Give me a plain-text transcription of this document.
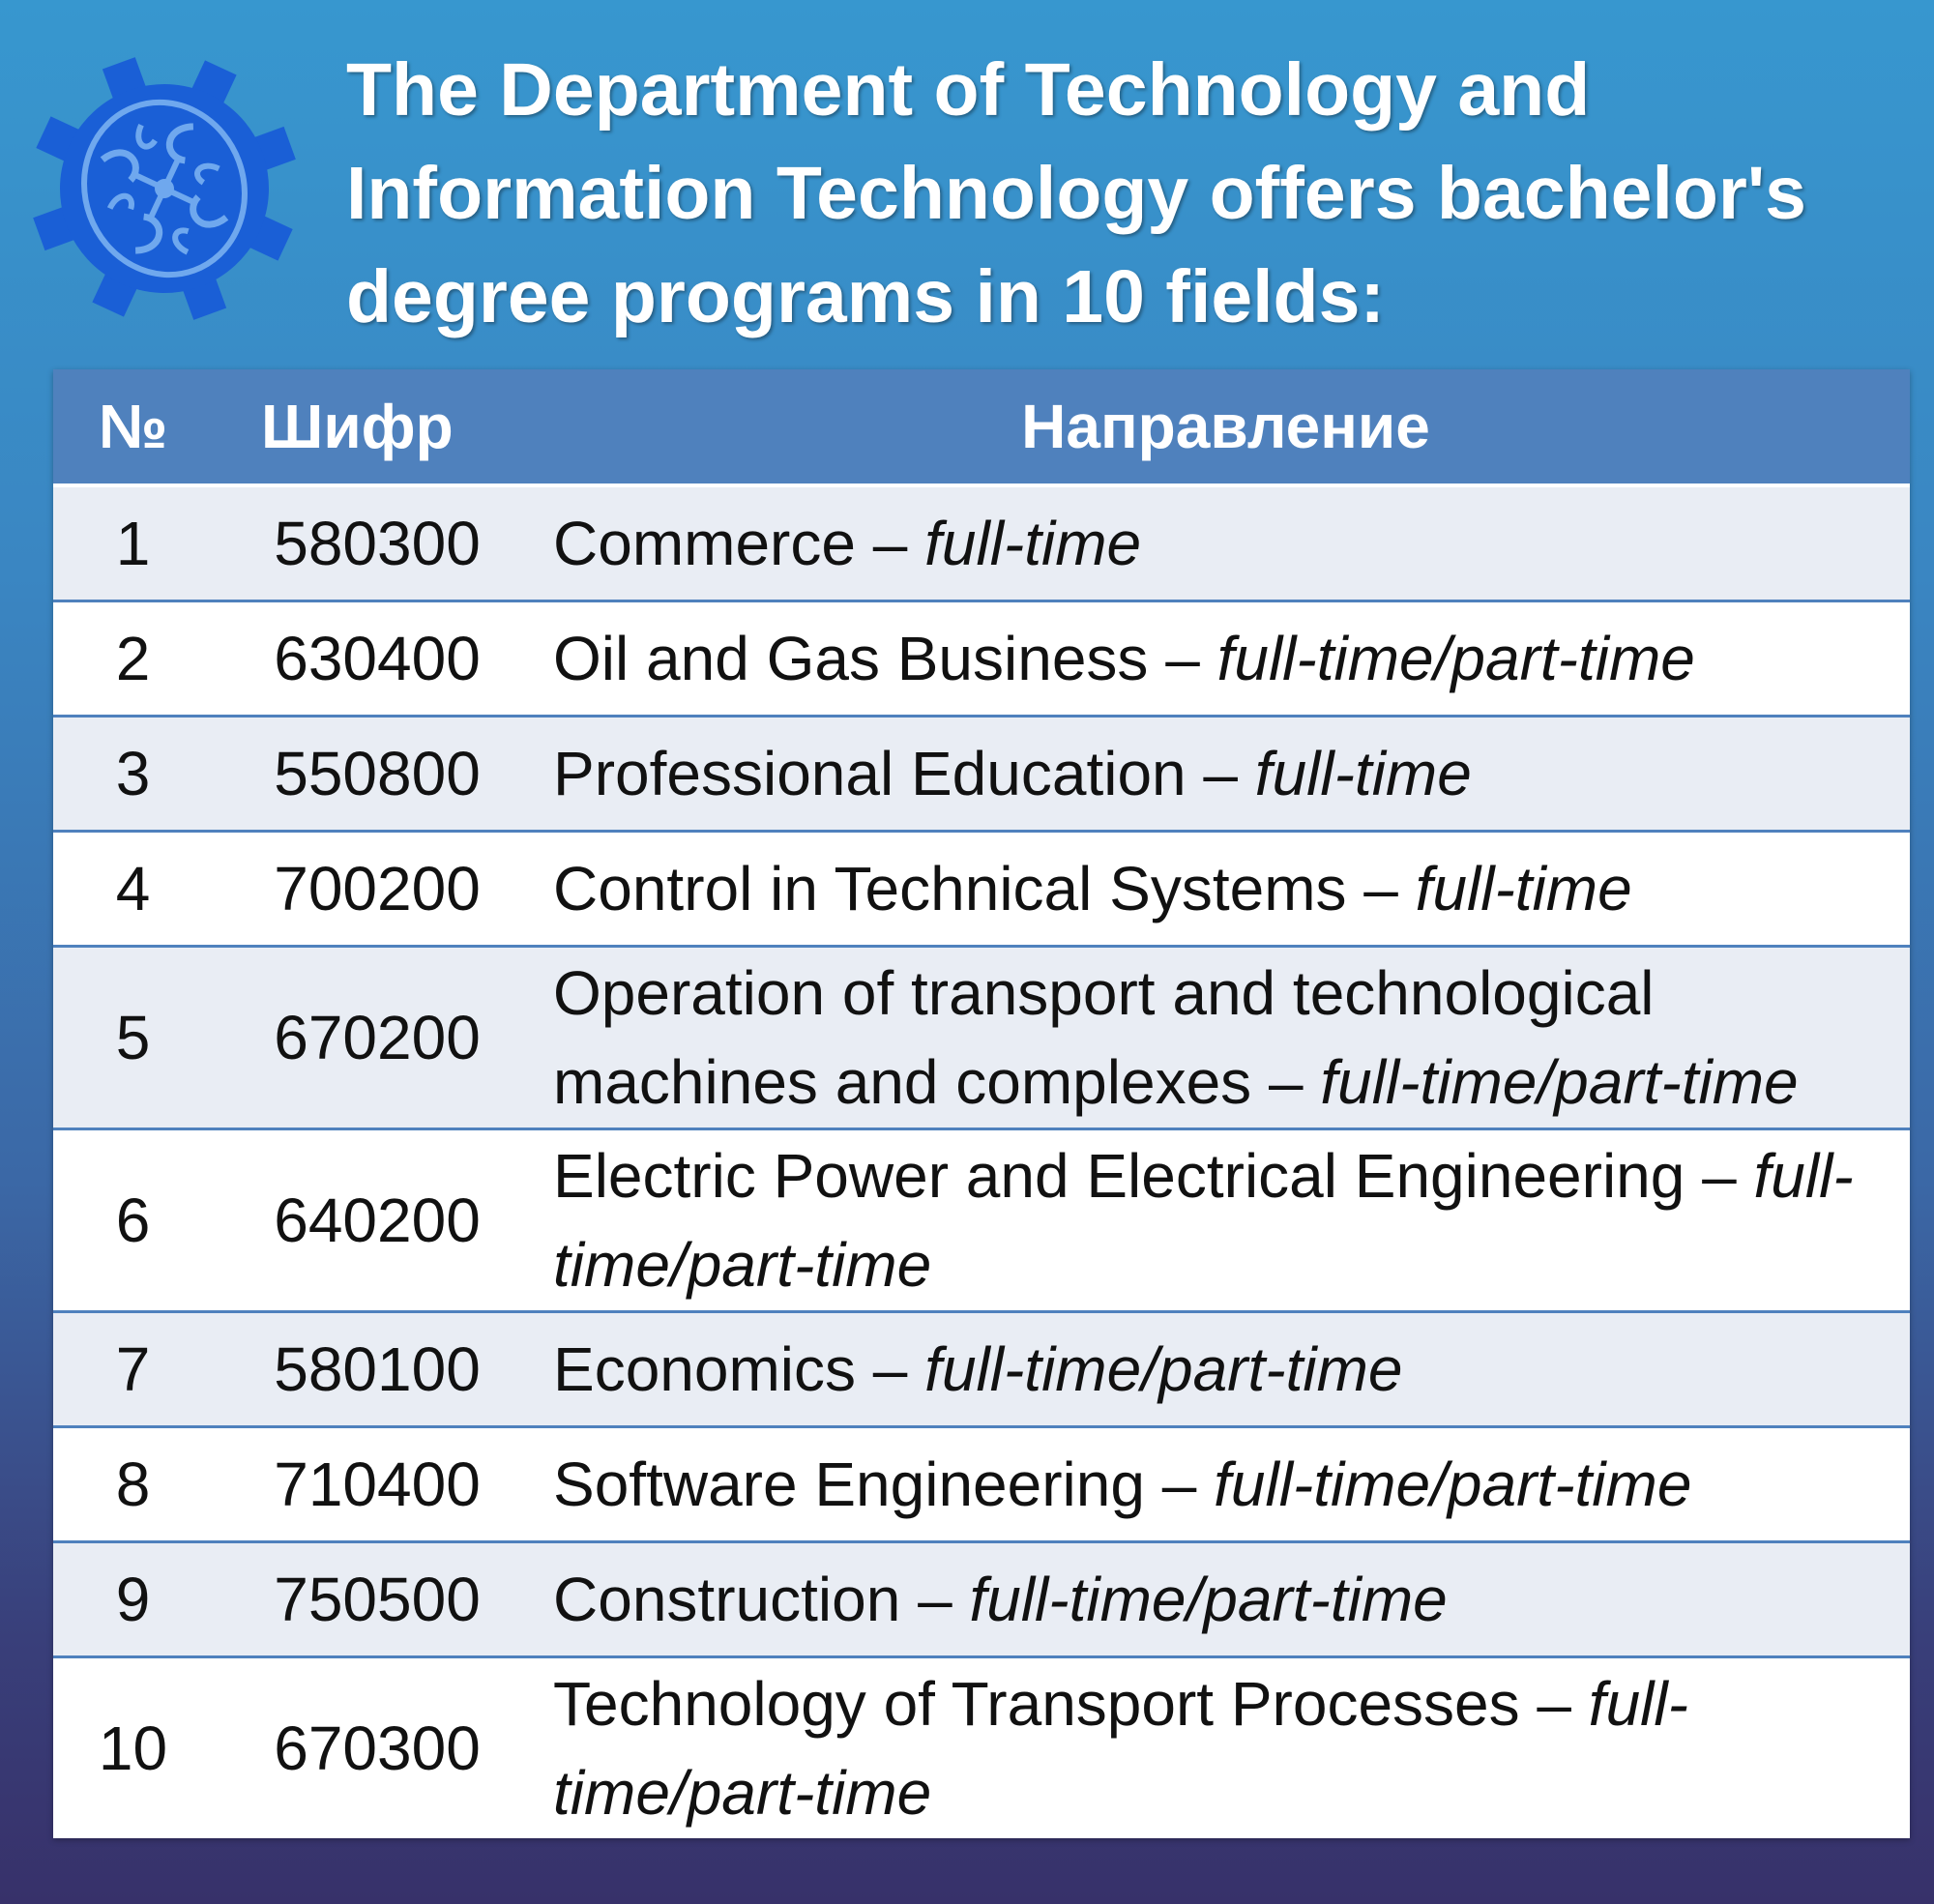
The Department of Technology and Information Technology offers bachelor's degree programs in 10 fields:
№	Шифр	Направление
1	580300	Commerce – full-time
2	630400	Oil and Gas Business – full-time/part-time
3	550800	Professional Education – full-time
4	700200	Control in Technical Systems – full-time
5	670200	Operation of transport and technological machines and complexes – full-time/part-time
6	640200	Electric Power and Electrical Engineering – full-time/part-time
7	580100	Economics – full-time/part-time
8	710400	Software Engineering – full-time/part-time
9	750500	Construction – full-time/part-time
10	670300	Technology of Transport Processes – full-time/part-time
